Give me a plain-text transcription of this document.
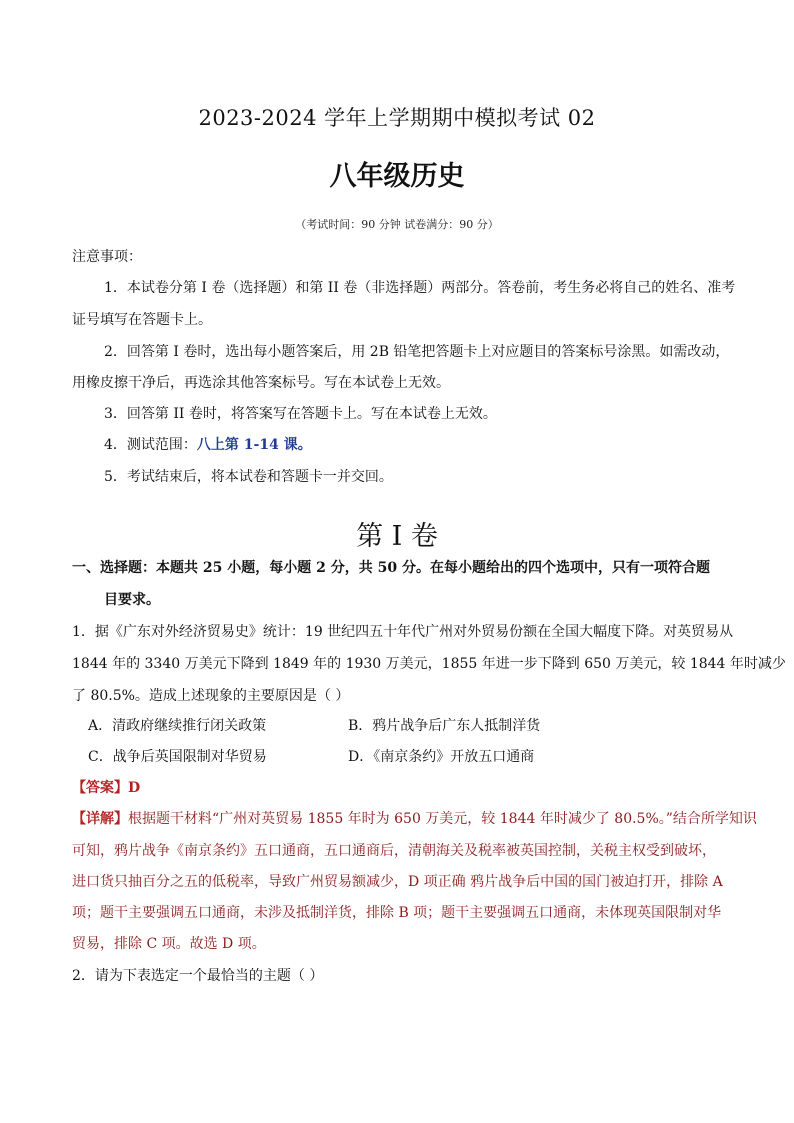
2023-2024 学年上学期期中模拟考试 02
八年级历史
（考试时间：90 分钟 试卷满分：90 分）
注意事项：
1．本试卷分第 I 卷（选择题）和第 II 卷（非选择题）两部分。答卷前，考生务必将自己的姓名、准考
证号填写在答题卡上。
2．回答第 I 卷时，选出每小题答案后，用 2B 铅笔把答题卡上对应题目的答案标号涂黑。如需改动，
用橡皮擦干净后，再选涂其他答案标号。写在本试卷上无效。
3．回答第 II 卷时，将答案写在答题卡上。写在本试卷上无效。
4．测试范围：八上第 1-14 课。
5．考试结束后，将本试卷和答题卡一并交回。
第 I 卷
一、选择题：本题共 25 小题，每小题 2 分，共 50 分。在每小题给出的四个选项中，只有一项符合题
目要求。
1．据《广东对外经济贸易史》统计：19 世纪四五十年代广州对外贸易份额在全国大幅度下降。对英贸易从
1844 年的 3340 万美元下降到 1849 年的 1930 万美元，1855 年进一步下降到 650 万美元，较 1844 年时减少
了 80.5%。造成上述现象的主要原因是（ ）
A．清政府继续推行闭关政策	B．鸦片战争后广东人抵制洋货
C．战争后英国限制对华贸易	D．《南京条约》开放五口通商
【答案】D
【详解】根据题干材料“广州对英贸易 1855 年时为 650 万美元，较 1844 年时减少了 80.5%。”结合所学知识
可知，鸦片战争《南京条约》五口通商，五口通商后，清朝海关及税率被英国控制，关税主权受到破坏，
进口货只抽百分之五的低税率，导致广州贸易额减少，D 项正确 鸦片战争后中国的国门被迫打开，排除 A
项；题干主要强调五口通商，未涉及抵制洋货，排除 B 项；题干主要强调五口通商，未体现英国限制对华
贸易，排除 C 项。故选 D 项。
2．请为下表选定一个最恰当的主题（ ）
